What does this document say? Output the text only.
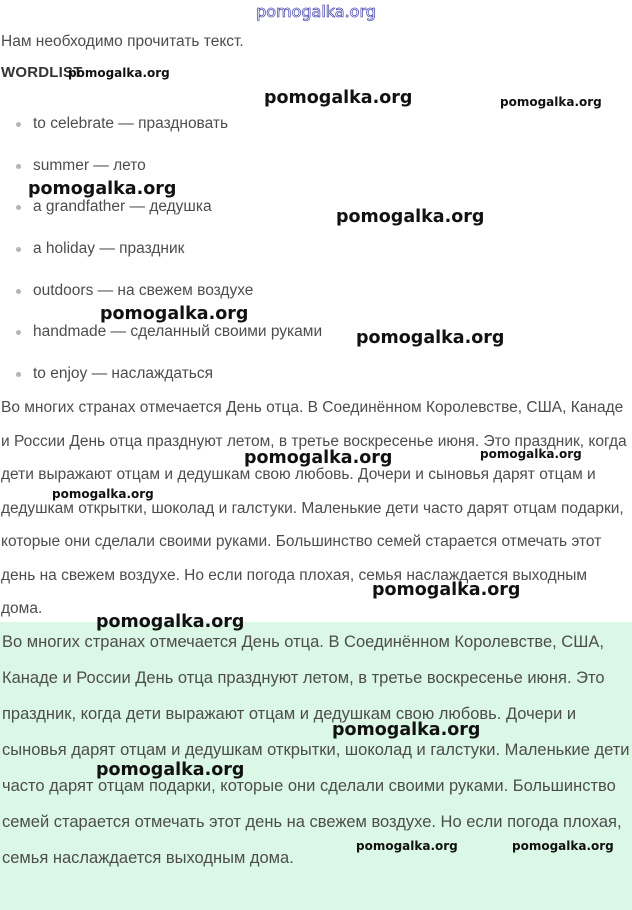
pomogalka.org
Нам необходимо прочитать текст.
WORDLIST
to celebrate — праздновать
summer — лето
a grandfather — дедушка
a holiday — праздник
outdoors — на свежем воздухе
handmade — сделанный своими руками
to enjoy — наслаждаться
Во многих странах отмечается День отца. В Соединённом Королевстве, США, Канаде и России День отца празднуют летом, в третье воскресенье июня. Это праздник, когда дети выражают отцам и дедушкам свою любовь. Дочери и сыновья дарят отцам и дедушкам открытки, шоколад и галстуки. Маленькие дети часто дарят отцам подарки, которые они сделали своими руками. Большинство семей старается отмечать этот день на свежем воздухе. Но если погода плохая, семья наслаждается выходным дома.
Во многих странах отмечается День отца. В Соединённом Королевстве, США, Канаде и России День отца празднуют летом, в третье воскресенье июня. Это праздник, когда дети выражают отцам и дедушкам свою любовь. Дочери и сыновья дарят отцам и дедушкам открытки, шоколад и галстуки. Маленькие дети часто дарят отцам подарки, которые они сделали своими руками. Большинство семей старается отмечать этот день на свежем воздухе. Но если погода плохая, семья наслаждается выходным дома.
pomogalka.org
pomogalka.org	pomogalka.org
pomogalka.org
pomogalka.org
pomogalka.org
pomogalka.org
pomogalka.org	pomogalka.org
pomogalka.org
pomogalka.org
pomogalka.org
pomogalka.org
pomogalka.org
pomogalka.org	pomogalka.org
